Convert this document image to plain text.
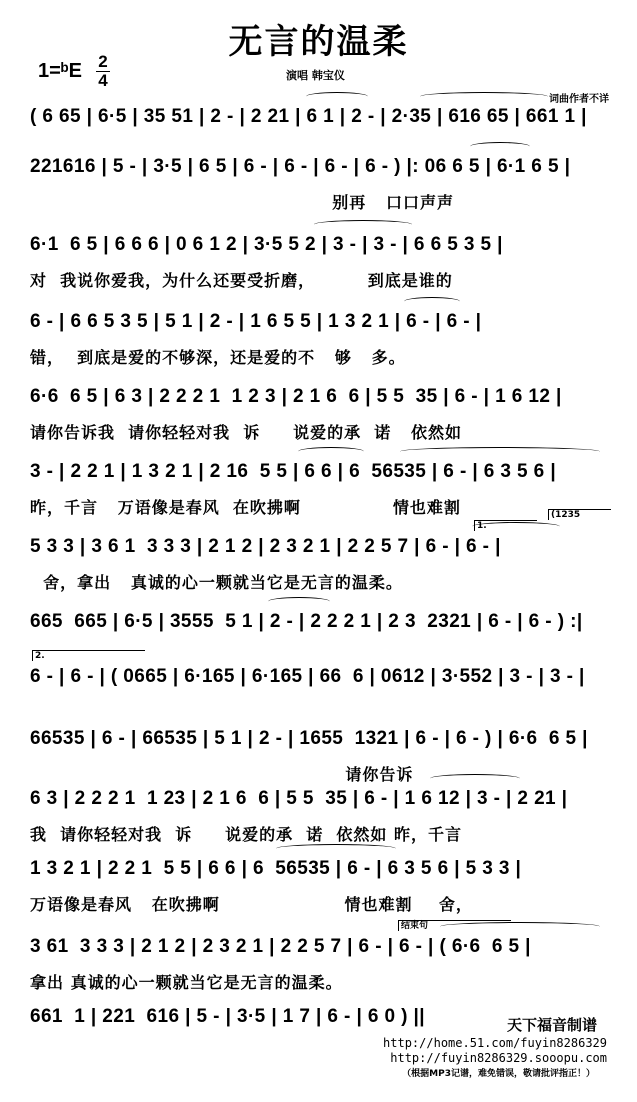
无言的温柔
1=ᵇE 2
4	演唱 韩宝仪
词曲作者不详
( 6 65 | 6·5 | 35 51 | 2 - | 2 21 | 6 1 | 2 - | 2·35 | 616 65 | 661 1 |
221616 | 5 - | 3·5 | 6 5 | 6 - | 6 - | 6 - | 6 - ) |: 06 6 5 | 6·1 6 5 |
别再   口口声声
6·1  6 5 | 6 6 6 | 0 6 1 2 | 3·5 5 2 | 3 - | 3 - | 6 6 5 3 5 |
对  我说你爱我，为什么还要受折磨，        到底是谁的
6 - | 6 6 5 3 5 | 5 1 | 2 - | 1 6 5 5 | 1 3 2 1 | 6 - | 6 - |
错，  到底是爱的不够深，还是爱的不   够   多。
6·6  6 5 | 6 3 | 2 2 2 1  1 2 3 | 2 1 6  6 | 5 5  35 | 6 - | 1 6 12 |
请你告诉我  请你轻轻对我  诉     说爱的承  诺   依然如
3 - | 2 2 1 | 1 3 2 1 | 2 16  5 5 | 6 6 | 6  56535 | 6 - | 6 3 5 6 |
昨，千言   万语像是春风  在吹拂啊              情也难割
5 3 3 | 3 6 1  3 3 3 | 2 1 2 | 2 3 2 1 | 2 2 5 7 | 6 - | 6 - |
舍，拿出   真诚的心一颗就当它是无言的温柔。
665  665 | 6·5 | 3555  5 1 | 2 - | 2 2 2 1 | 2 3  2321 | 6 - | 6 - ) :|
6 - | 6 - | ( 0665 | 6·165 | 6·165 | 66  6 | 0612 | 3·552 | 3 - | 3 - |
66535 | 6 - | 66535 | 5 1 | 2 - | 1655  1321 | 6 - | 6 - ) | 6·6  6 5 |
请你告诉
6 3 | 2 2 2 1  1 23 | 2 1 6  6 | 5 5  35 | 6 - | 1 6 12 | 3 - | 2 21 |
我  请你轻轻对我  诉     说爱的承  诺  依然如 昨，千言
1 3 2 1 | 2 2 1  5 5 | 6 6 | 6  56535 | 6 - | 6 3 5 6 | 5 3 3 |
万语像是春风   在吹拂啊                   情也难割    舍，
3 61  3 3 3 | 2 1 2 | 2 3 2 1 | 2 2 5 7 | 6 - | 6 - | ( 6·6  6 5 |
拿出 真诚的心一颗就当它是无言的温柔。
661  1 | 221  616 | 5 - | 3·5 | 1 7 | 6 - | 6 0 ) ||
1.
(1235
2.
结束句
天下福音制谱
http://home.51.com/fuyin8286329
http://fuyin8286329.sooopu.com
（根据MP3记谱，难免错误，敬请批评指正！）
